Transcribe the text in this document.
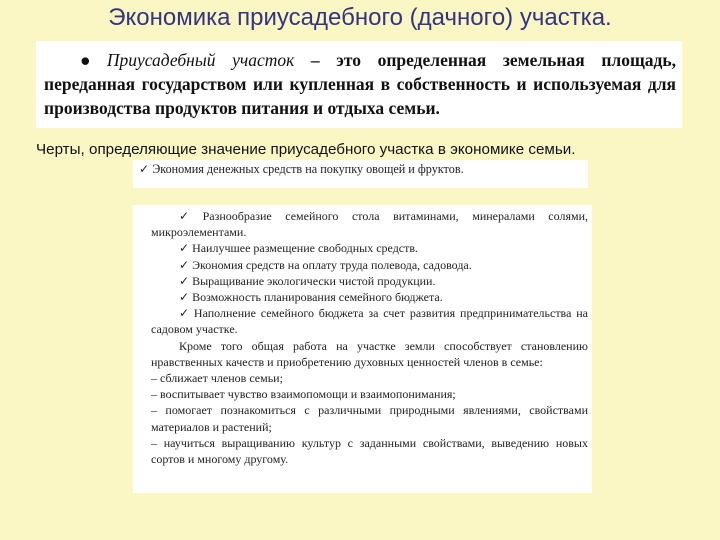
Экономика приусадебного (дачного) участка.
● Приусадебный участок – это определенная земельная площадь, переданная государством или купленная в собственность и используемая для производства продуктов питания и отдыха семьи.
Черты, определяющие значение приусадебного участка в экономике семьи.
✓ Экономия денежных средств на покупку овощей и фруктов.

✓ Разнообразие семейного стола витаминами, минералами солями, микроэлементами.

✓ Наилучшее размещение свободных средств.

✓ Экономия средств на оплату труда полевода, садовода.

✓ Выращивание экологически чистой продукции.

✓ Возможность планирования семейного бюджета.

✓ Наполнение семейного бюджета за счет развития предпринимательства на садовом участке.

Кроме того общая работа на участке земли способствует становлению нравственных качеств и приобретению духовных ценностей членов в семье:

– сближает членов семьи;

– воспитывает чувство взаимопомощи и взаимопонимания;

– помогает познакомиться с различными природными явлениями, свойствами материалов и растений;

– научиться выращиванию культур с заданными свойствами, выведению новых сортов и многому другому.
